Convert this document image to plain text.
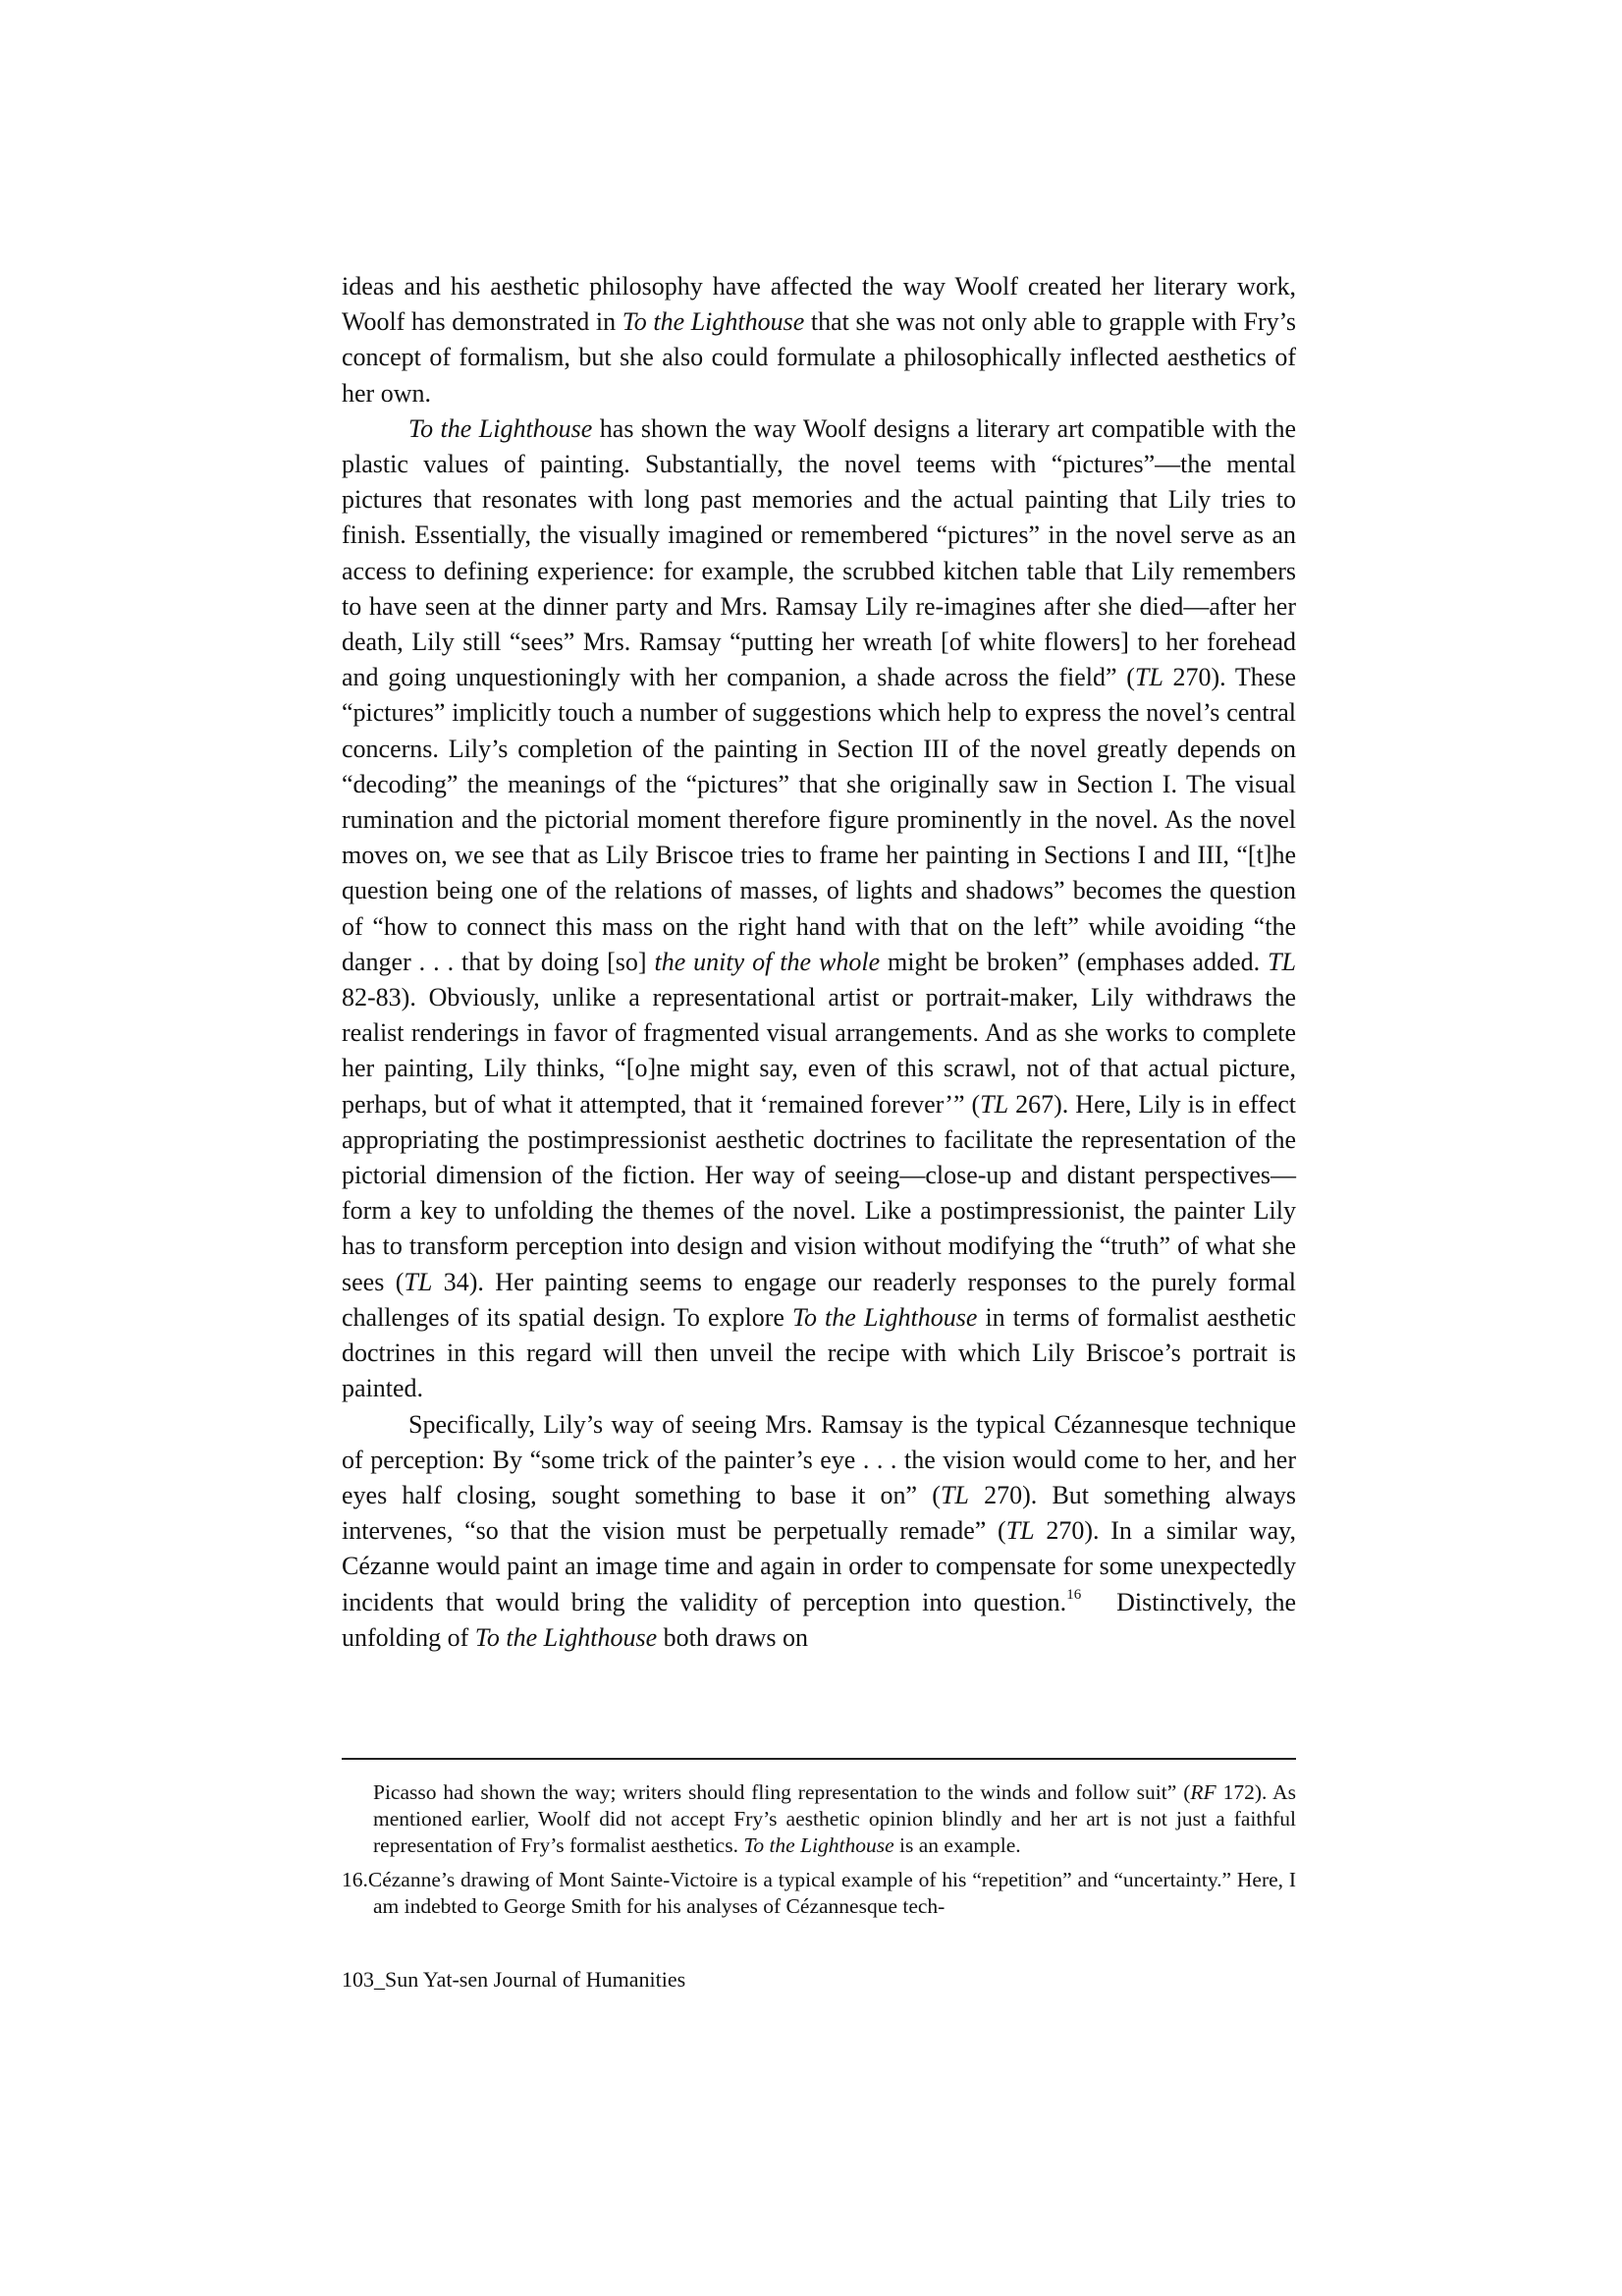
ideas and his aesthetic philosophy have affected the way Woolf created her literary work, Woolf has demonstrated in To the Lighthouse that she was not only able to grapple with Fry’s concept of formalism, but she also could formulate a philosophically inflected aesthetics of her own.

To the Lighthouse has shown the way Woolf designs a literary art compatible with the plastic values of painting. Substantially, the novel teems with “pictures”—the mental pictures that resonates with long past memories and the actual painting that Lily tries to finish. Essentially, the visually imagined or remembered “pictures” in the novel serve as an access to defining experience: for example, the scrubbed kitchen table that Lily remembers to have seen at the dinner party and Mrs. Ramsay Lily re-imagines after she died—after her death, Lily still “sees” Mrs. Ramsay “putting her wreath [of white flowers] to her forehead and going unquestioningly with her companion, a shade across the field” (TL 270). These “pictures” implicitly touch a number of suggestions which help to express the novel’s central concerns. Lily’s completion of the painting in Section III of the novel greatly depends on “decoding” the meanings of the “pictures” that she originally saw in Section I. The visual rumination and the pictorial moment therefore figure prominently in the novel. As the novel moves on, we see that as Lily Briscoe tries to frame her painting in Sections I and III, “[t]he question being one of the relations of masses, of lights and shadows” becomes the question of “how to connect this mass on the right hand with that on the left” while avoiding “the danger . . . that by doing [so] the unity of the whole might be broken” (emphases added. TL 82-83). Obviously, unlike a representational artist or portrait-maker, Lily withdraws the realist renderings in favor of fragmented visual arrangements. And as she works to complete her painting, Lily thinks, “[o]ne might say, even of this scrawl, not of that actual picture, perhaps, but of what it attempted, that it ‘remained forever’” (TL 267). Here, Lily is in effect appropriating the postimpressionist aesthetic doctrines to facilitate the representation of the pictorial dimension of the fiction. Her way of seeing—close-up and distant perspectives—form a key to unfolding the themes of the novel. Like a postimpressionist, the painter Lily has to transform perception into design and vision without modifying the “truth” of what she sees (TL 34). Her painting seems to engage our readerly responses to the purely formal challenges of its spatial design. To explore To the Lighthouse in terms of formalist aesthetic doctrines in this regard will then unveil the recipe with which Lily Briscoe’s portrait is painted.

Specifically, Lily’s way of seeing Mrs. Ramsay is the typical Cézannesque technique of perception: By “some trick of the painter’s eye . . . the vision would come to her, and her eyes half closing, sought something to base it on” (TL 270). But something always intervenes, “so that the vision must be perpetually remade” (TL 270). In a similar way, Cézanne would paint an image time and again in order to compensate for some unexpectedly incidents that would bring the validity of perception into question.$^{16}$   Distinctively, the unfolding of To the Lighthouse both draws on

Picasso had shown the way; writers should fling representation to the winds and follow suit” (RF 172). As mentioned earlier, Woolf did not accept Fry’s aesthetic opinion blindly and her art is not just a faithful representation of Fry’s formalist aesthetics. To the Lighthouse is an example.

16.Cézanne’s drawing of Mont Sainte-Victoire is a typical example of his “repetition” and “uncertainty.” Here, I am indebted to George Smith for his analyses of Cézannesque tech-

103_Sun Yat-sen Journal of Humanities
